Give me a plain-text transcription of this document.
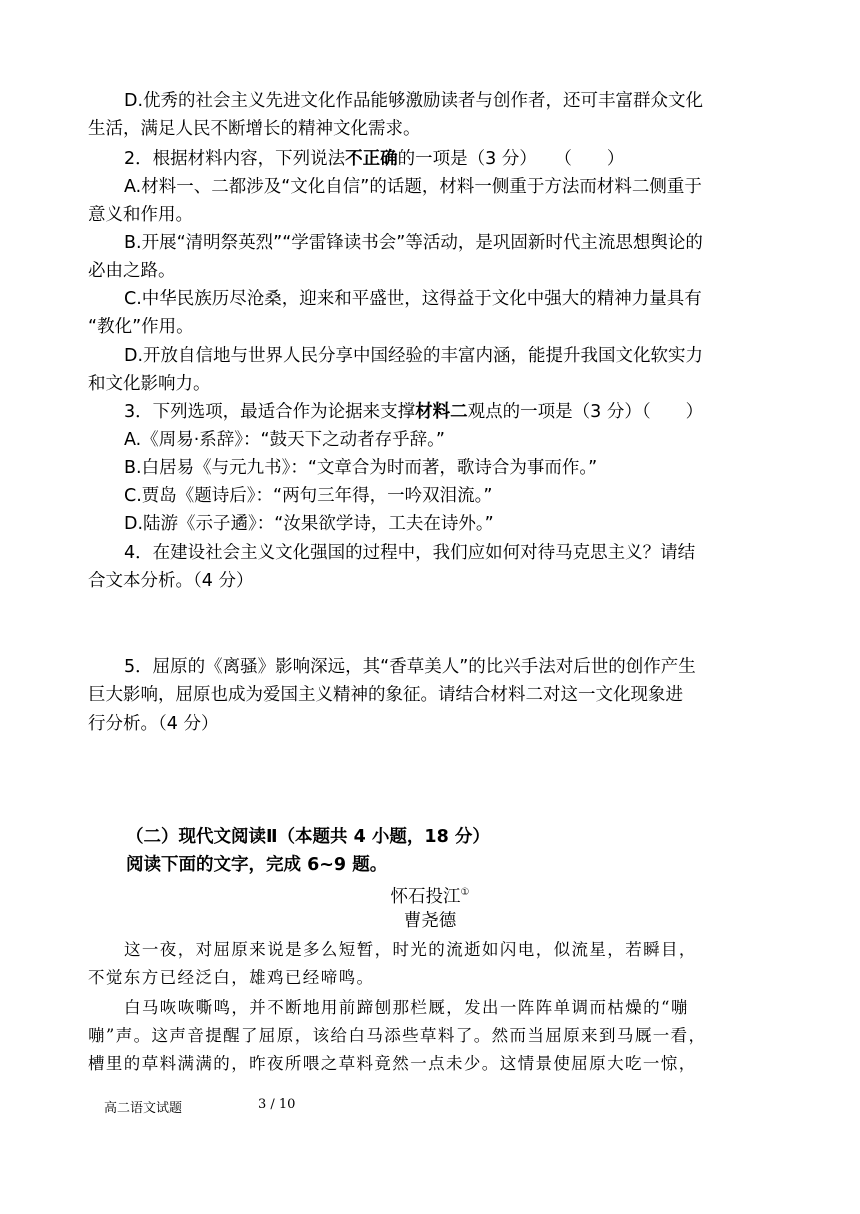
D.优秀的社会主义先进文化作品能够激励读者与创作者，还可丰富群众文化
生活，满足人民不断增长的精神文化需求。
2．根据材料内容，下列说法不正确的一项是（3 分）　　（　　）
A.材料一、二都涉及“文化自信”的话题，材料一侧重于方法而材料二侧重于
意义和作用。
B.开展“清明祭英烈”“学雷锋读书会”等活动，是巩固新时代主流思想舆论的
必由之路。
C.中华民族历尽沧桑，迎来和平盛世，这得益于文化中强大的精神力量具有
“教化”作用。
D.开放自信地与世界人民分享中国经验的丰富内涵，能提升我国文化软实力
和文化影响力。
3．下列选项，最适合作为论据来支撑材料二观点的一项是（3 分）（　　）
A.《周易·系辞》：“鼓天下之动者存乎辞。”
B.白居易《与元九书》：“文章合为时而著，歌诗合为事而作。”
C.贾岛《题诗后》：“两句三年得，一吟双泪流。”
D.陆游《示子遹》：“汝果欲学诗，工夫在诗外。”
4．在建设社会主义文化强国的过程中，我们应如何对待马克思主义？请结
合文本分析。（4 分）
5．屈原的《离骚》影响深远，其“香草美人”的比兴手法对后世的创作产生
巨大影响，屈原也成为爱国主义精神的象征。请结合材料二对这一文化现象进
行分析。（4 分）
（二）现代文阅读Ⅱ（本题共 4 小题，18 分）
阅读下面的文字，完成 6~9 题。
怀石投江①
曹尧德
这一夜，对屈原来说是多么短暂，时光的流逝如闪电，似流星，若瞬目，
不觉东方已经泛白，雄鸡已经啼鸣。
白马咴咴嘶鸣，并不断地用前蹄刨那栏厩，发出一阵阵单调而枯燥的“嘣
嘣”声。这声音提醒了屈原，该给白马添些草料了。然而当屈原来到马厩一看，
槽里的草料满满的，昨夜所喂之草料竟然一点未少。这情景使屈原大吃一惊，
高二语文试题	3 / 10
